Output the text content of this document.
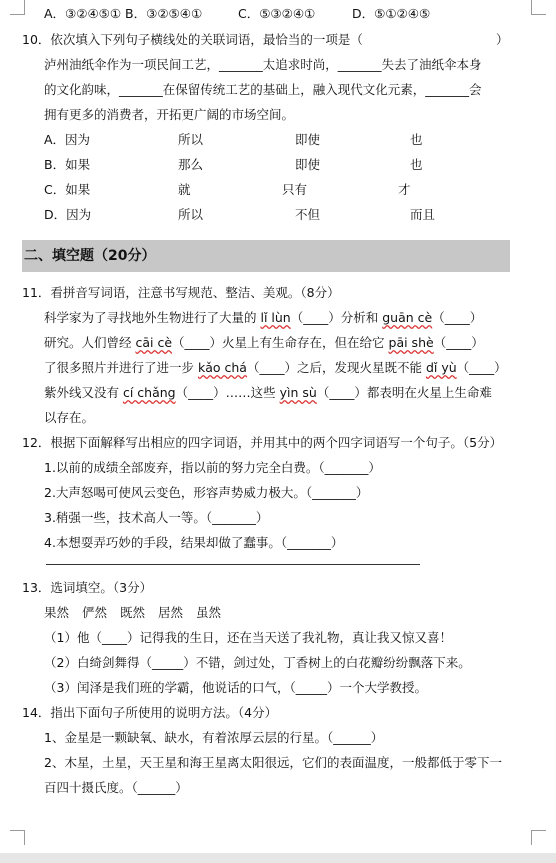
A．③②④⑤① B．③②⑤④①	C．⑤③②④①	D．⑤①②④⑤
10．依次填入下列句子横线处的关联词语，最恰当的一项是（	）
泸州油纸伞作为一项民间工艺，_______太追求时尚，_______失去了油纸伞本身
的文化韵味，_______在保留传统工艺的基础上，融入现代文化元素，_______会
拥有更多的消费者，开拓更广阔的市场空间。
A．因为	所以	即使	也
B．如果	那么	即使	也
C．如果	就	只有	才
D．因为	所以	不但	而且
二、填空题（20分）
11．看拼音写词语，注意书写规范、整洁、美观。（8分）
科学家为了寻找地外生物进行了大量的 lǐ lùn（____）分析和 guān cè（____）
研究。人们曾经 cāi cè（____）火星上有生命存在，但在给它 pāi shè（____）
了很多照片并进行了进一步 kǎo chá（____）之后，发现火星既不能 dǐ yù（____）
紫外线又没有 cí chǎng（____）……这些 yìn sù（____）都表明在火星上生命难
以存在。
12．根据下面解释写出相应的四字词语，并用其中的两个四字词语写一个句子。（5分）
1.以前的成绩全部废弃，指以前的努力完全白费。（_______）
2.大声怒喝可使风云变色，形容声势威力极大。（_______）
3.稍强一些，技术高人一等。（_______）
4.本想耍弄巧妙的手段，结果却做了蠢事。（_______）
13．选词填空。（3分）
果然 俨然 既然 居然 虽然
（1）他（____）记得我的生日，还在当天送了我礼物，真让我又惊又喜！
（2）白绮剑舞得（_____）不错，剑过处，丁香树上的白花瓣纷纷飘落下来。
（3）闰泽是我们班的学霸，他说话的口气，（_____）一个大学教授。
14．指出下面句子所使用的说明方法。（4分）
1、金星是一颗缺氧、缺水，有着浓厚云层的行星。（______）
2、木星，土星，天王星和海王星离太阳很远，它们的表面温度，一般都低于零下一
百四十摄氏度。（______）
